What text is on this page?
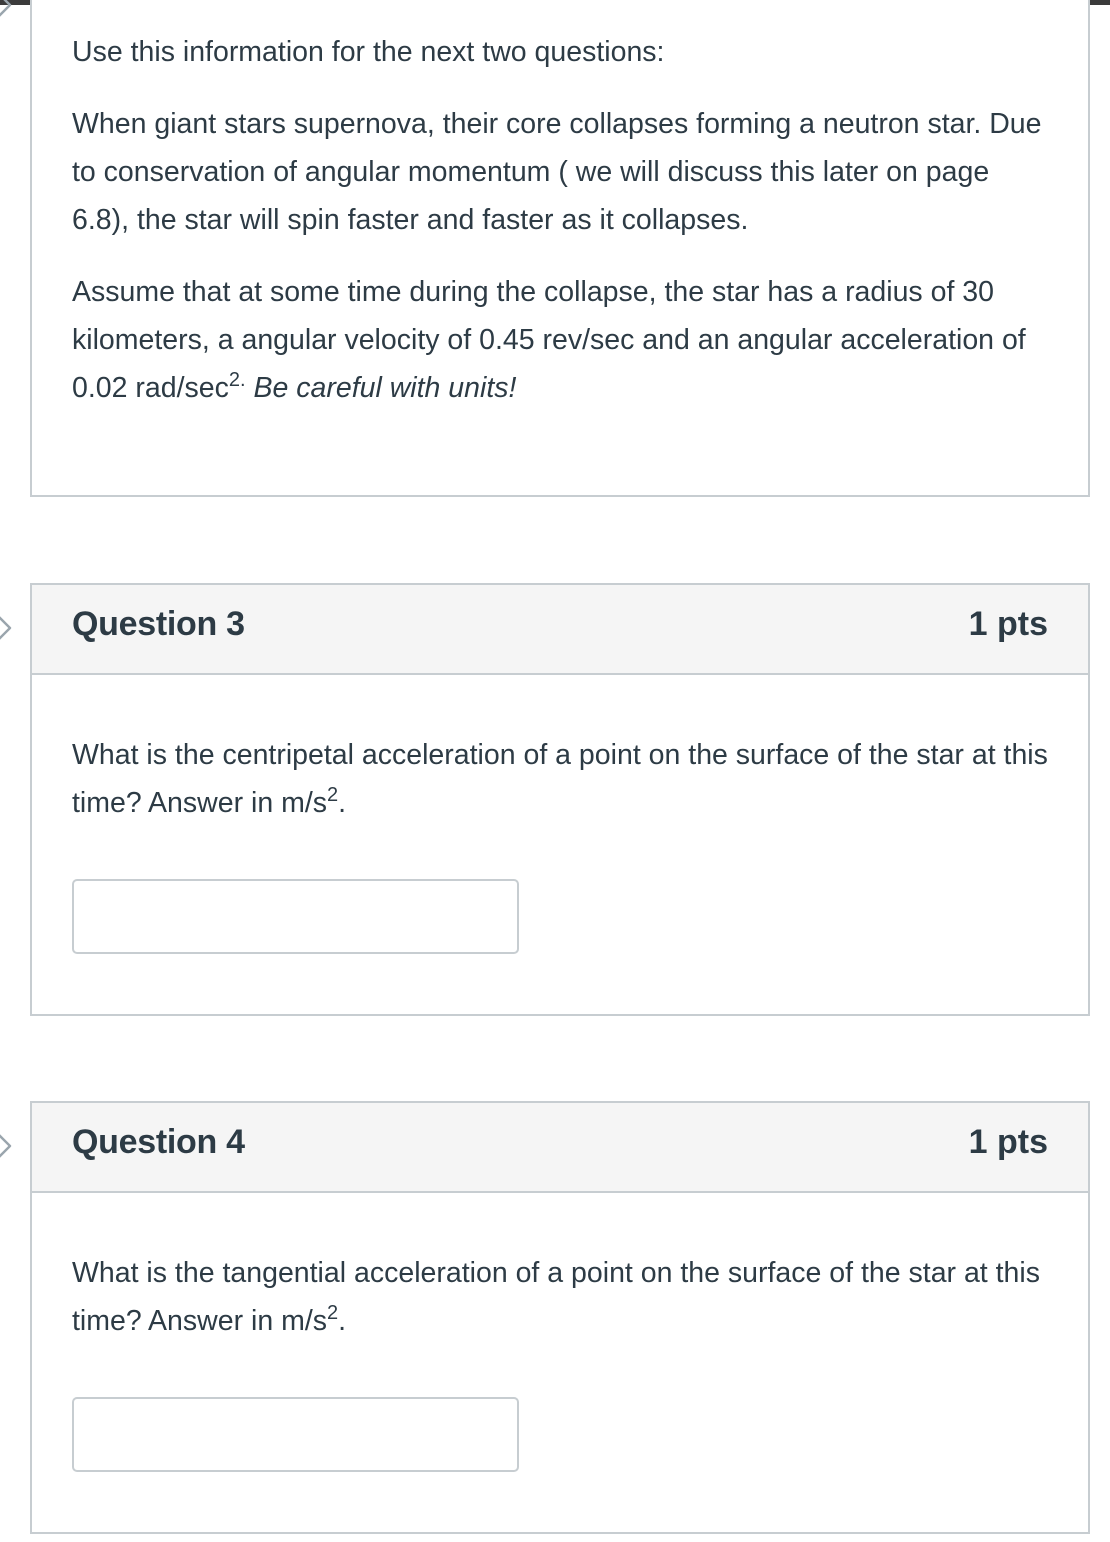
Use this information for the next two questions:

When giant stars supernova, their core collapses forming a neutron star. Due to conservation of angular momentum ( we will discuss this later on page 6.8), the star will spin faster and faster as it collapses.

Assume that at some time during the collapse, the star has a radius of 30 kilometers, a angular velocity of 0.45 rev/sec and an angular acceleration of 0.02 rad/$\sec^{2.}$ Be careful with units!

Question 3	1 pts

What is the centripetal acceleration of a point on the surface of the star at this time? Answer in $m/s^2$.

Question 4	1 pts

What is the tangential acceleration of a point on the surface of the star at this time? Answer in $m/s^2$.
